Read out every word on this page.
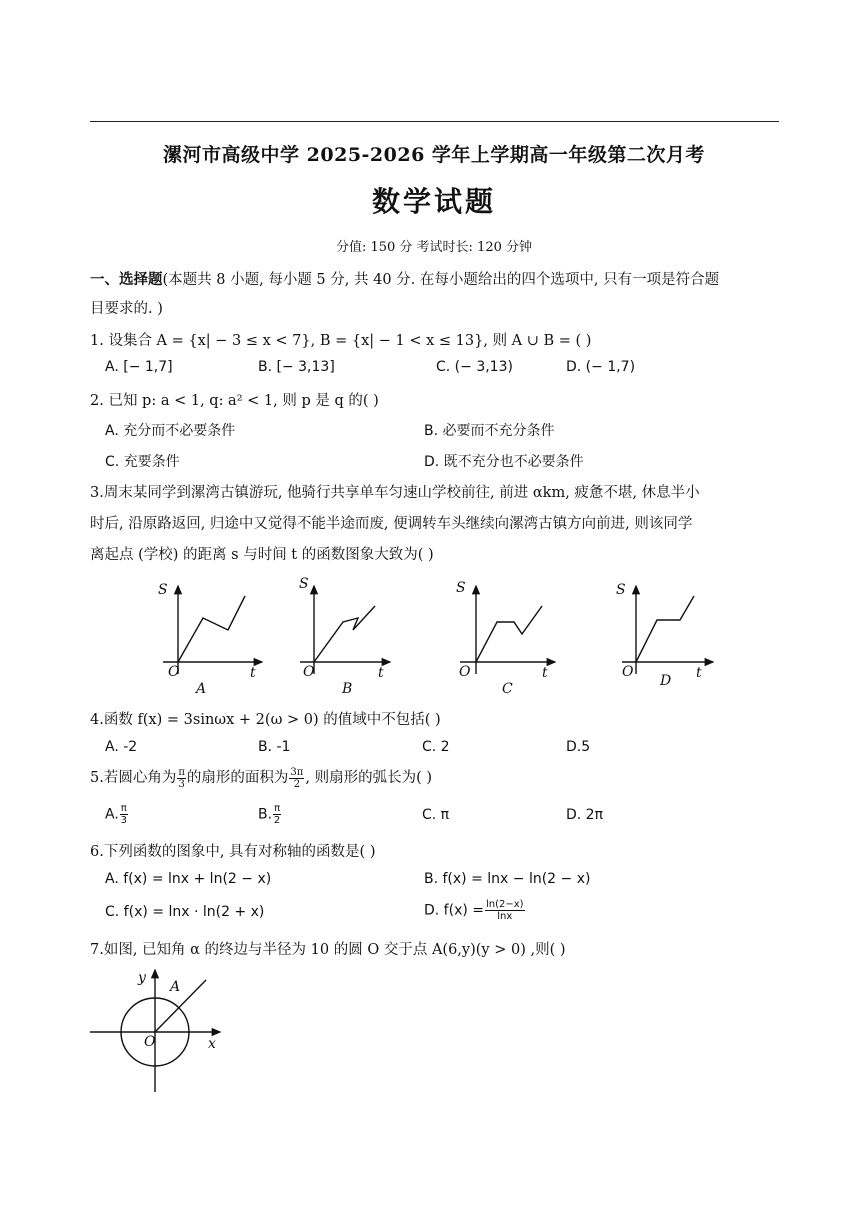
漯河市高级中学 2025-2026 学年上学期高一年级第二次月考
数学试题
分值: 150 分 考试时长: 120 分钟
一、选择题(本题共 8 小题, 每小题 5 分, 共 40 分. 在每小题给出的四个选项中, 只有一项是符合题
目要求的. )
1. 设集合 A = {x| − 3 ≤ x < 7}, B = {x| − 1 < x ≤ 13}, 则 A ∪ B = ( )
A. [− 1,7]	B. [− 3,13]	C. (− 3,13)	D. (− 1,7)
2. 已知 p: a < 1, q: a² < 1, 则 p 是 q 的( )
A. 充分而不必要条件	B. 必要而不充分条件
C. 充要条件	D. 既不充分也不必要条件
3.周末某同学到漯湾古镇游玩, 他骑行共享单车匀速山学校前往, 前进 αkm, 疲惫不堪, 休息半小
时后, 沿原路返回, 归途中又觉得不能半途而废, 便调转车头继续向漯湾古镇方向前进, 则该同学
离起点 (学校) 的距离 s 与时间 t 的函数图象大致为( )
S
t
O
A
S
t
O
B
S
t
O
C
S
t
O
D
4.函数 f(x) = 3sinωx + 2(ω > 0) 的值域中不包括( )
A. -2	B. -1	C. 2	D.5
5.若圆心角为 $\frac{\pi}{3}$ 的扇形的面积为 $\frac{3\pi}{2}$ , 则扇形的弧长为( )
A. $\frac{\pi}{3}$	B. $\frac{\pi}{2}$	C. π	D. 2π
6.下列函数的图象中, 具有对称轴的函数是( )
A. f(x) = lnx + ln(2 − x)	B. f(x) = lnx − ln(2 − x)
C. f(x) = lnx · ln(2 + x)	D. $f(x) = \frac{\ln(2-x)}{\ln x}$
7.如图, 已知角 α 的终边与半径为 10 的圆 O 交于点 A(6,y)(y > 0) ,则( )
y
x
O
A
